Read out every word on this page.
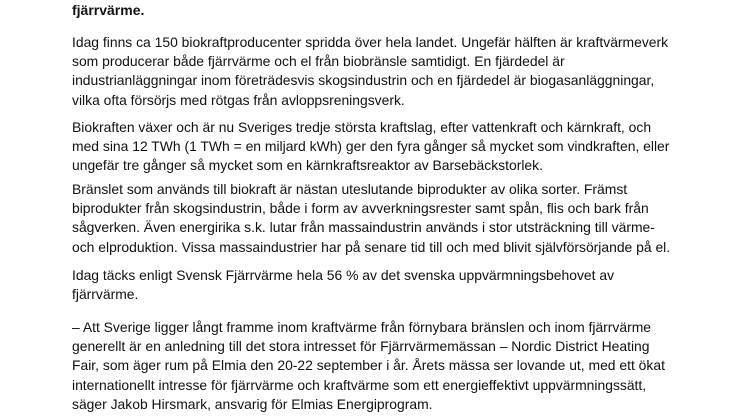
fjärrvärme.

Idag finns ca 150 biokraftproducenter spridda över hela landet. Ungefär hälften är kraftvärmeverk
som producerar både fjärrvärme och el från biobränsle samtidigt. En fjärdedel är
industrianläggningar inom företrädesvis skogsindustrin och en fjärdedel är biogasanläggningar,
vilka ofta försörjs med rötgas från avloppsreningsverk.

Biokraften växer och är nu Sveriges tredje största kraftslag, efter vattenkraft och kärnkraft, och
med sina 12 TWh (1 TWh = en miljard kWh) ger den fyra gånger så mycket som vindkraften, eller
ungefär tre gånger så mycket som en kärnkraftsreaktor av Barsebäckstorlek.

Bränslet som används till biokraft är nästan uteslutande biprodukter av olika sorter. Främst
biprodukter från skogsindustrin, både i form av avverkningsrester samt spån, flis och bark från
sågverken. Även energirika s.k. lutar från massaindustrin används i stor utsträckning till värme-
och elproduktion. Vissa massaindustrier har på senare tid till och med blivit självförsörjande på el.

Idag täcks enligt Svensk Fjärrvärme hela 56 % av det svenska uppvärmningsbehovet av
fjärrvärme.

– Att Sverige ligger långt framme inom kraftvärme från förnybara bränslen och inom fjärrvärme
generellt är en anledning till det stora intresset för Fjärrvärmemässan – Nordic District Heating
Fair, som äger rum på Elmia den 20-22 september i år. Årets mässa ser lovande ut, med ett ökat
internationellt intresse för fjärrvärme och kraftvärme som ett energieffektivt uppvärmningssätt,
säger Jakob Hirsmark, ansvarig för Elmias Energiprogram.
